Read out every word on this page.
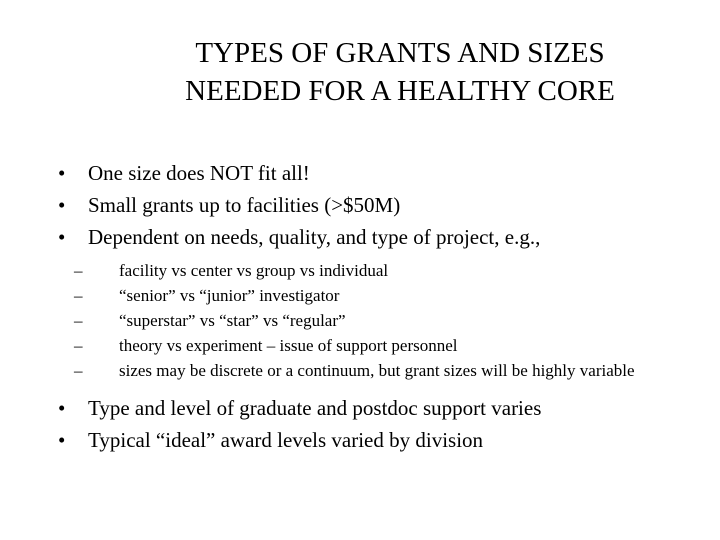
TYPES OF GRANTS AND SIZES
NEEDED FOR A HEALTHY CORE
• One size does NOT fit all!
• Small grants up to facilities (>$50M)
• Dependent on needs, quality, and type of project, e.g.,
– facility vs center vs group vs individual
– “senior” vs “junior” investigator
– “superstar” vs “star” vs “regular”
– theory vs experiment – issue of support personnel
– sizes may be discrete or a continuum, but grant sizes will be highly variable
• Type and level of graduate and postdoc support varies
• Typical “ideal” award levels varied by division
